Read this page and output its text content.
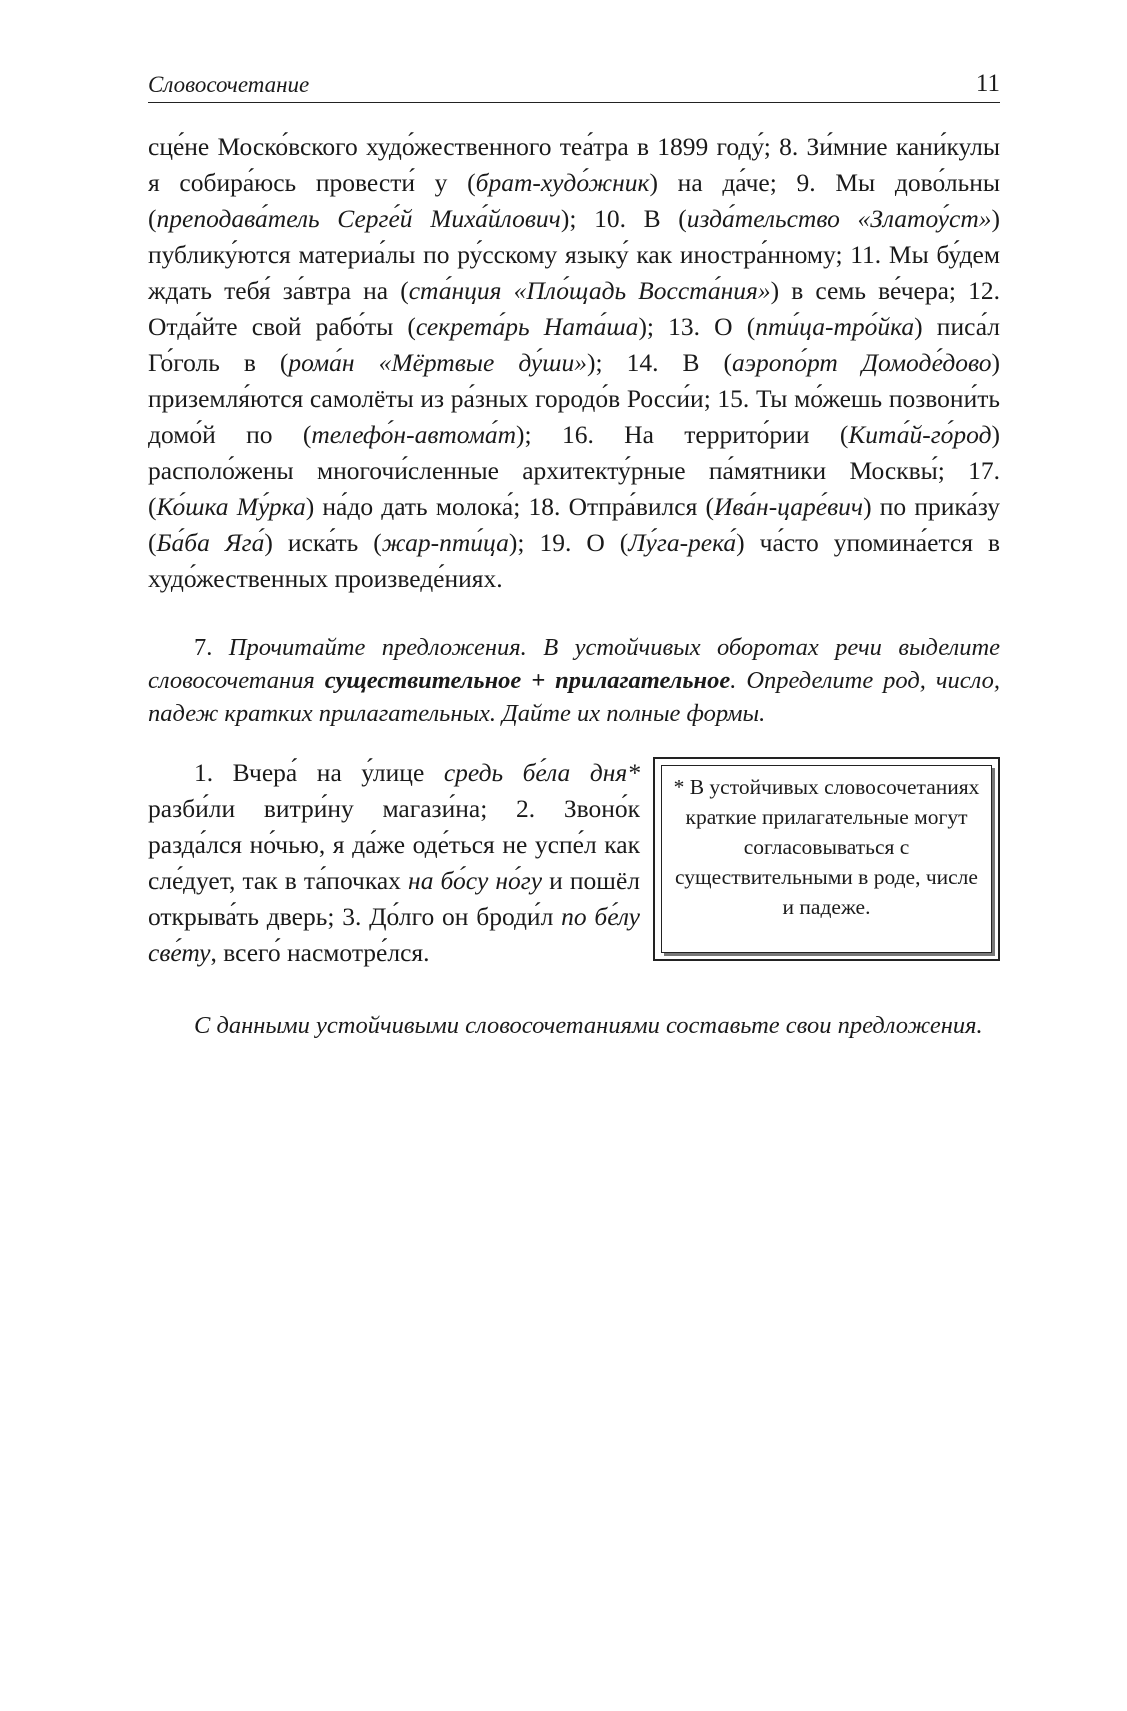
Словосочетание	11

сце́не Моско́вского худо́жественного теа́тра в 1899 году́; 8. Зи́мние кани́кулы я собира́юсь провести́ у (брат-худо́жник) на да́че; 9. Мы дово́льны (преподава́тель Серге́й Миха́йлович); 10. В (изда́тельство «Златоу́ст») публику́ются материа́лы по ру́сскому языку́ как иностра́нному; 11. Мы бу́дем ждать тебя́ за́втра на (ста́нция «Пло́щадь Восста́ния») в семь ве́чера; 12. Отда́йте свой рабо́ты (секрета́рь Ната́ша); 13. О (пти́ца-тро́йка) писа́л Го́голь в (рома́н «Мёртвые ду́ши»); 14. В (аэропо́рт Домоде́дово) приземля́ются самолёты из ра́зных городо́в Росси́и; 15. Ты мо́жешь позвони́ть домо́й по (телефо́н-автома́т); 16. На террито́рии (Кита́й-го́род) располо́жены многочи́сленные архитекту́рные па́мятники Москвы́; 17. (Ко́шка Му́рка) на́до дать молока́; 18. Отпра́вился (Ива́н-царе́вич) по прика́зу (Ба́ба Яга́) иска́ть (жар-пти́ца); 19. О (Лу́га-река́) ча́сто упомина́ется в худо́жественных произведе́ниях.

7. Прочитайте предложения. В устойчивых оборотах речи выделите словосочетания существительное + прилагательное. Определите род, число, падеж кратких прилагательных. Дайте их полные формы.

1. Вчера́ на у́лице средь бе́ла дня* разби́ли витри́ну магази́на; 2. Звоно́к разда́лся но́чью, я да́же оде́ться не успе́л как сле́дует, так в та́почках на бо́су но́гу и пошёл открыва́ть дверь; 3. До́лго он броди́л по бе́лу све́ту, всего́ насмотре́лся.

* В устойчивых словосочетаниях краткие прилагательные могут согласовываться с существительными в роде, числе и падеже.

С данными устойчивыми словосочетаниями составьте свои предложения.
